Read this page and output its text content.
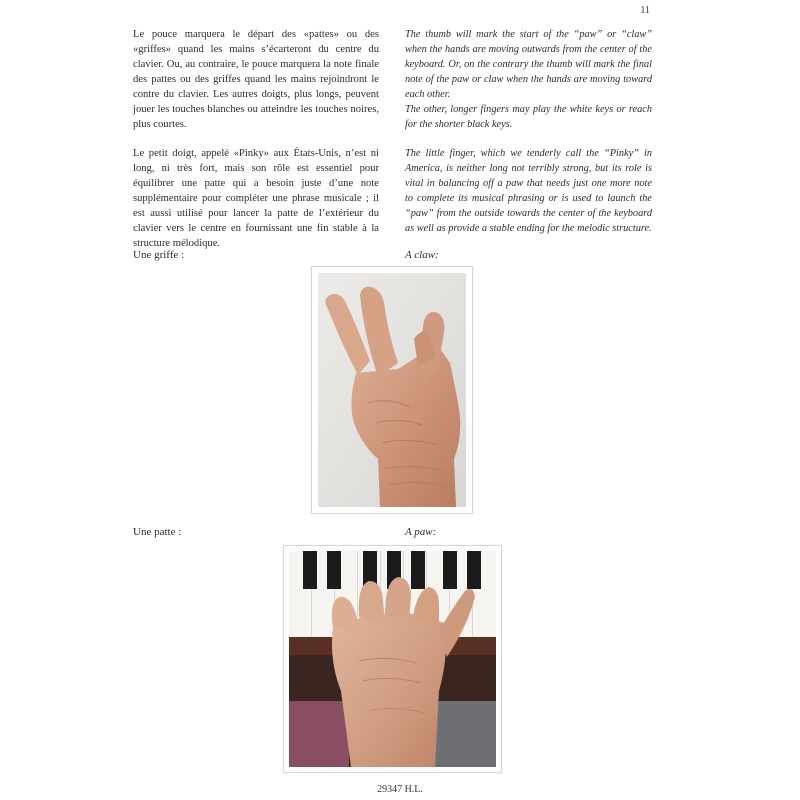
11
Le pouce marquera le départ des «pattes» ou des «griffes» quand les mains s’écarteront du centre du clavier. Ou, au contraire, le pouce marquera la note finale des pattes ou des griffes quand les mains rejoindront le contre du clavier. Les autres doigts, plus longs, peuvent jouer les touches blanches ou atteindre les touches noires, plus courtes.
The thumb will mark the start of the “paw” or “claw” when the hands are moving outwards from the center of the keyboard. Or, on the contrary the thumb will mark the final note of the paw or claw when the hands are moving toward each other.
The other, longer fingers may play the white keys or reach for the shorter black keys.
Le petit doigt, appelé «Pinky» aux États-Unis, n’est ni long, ni très fort, mais son rôle est essentiel pour équilibrer une patte qui a besoin juste d’une note supplémentaire pour compléter une phrase musicale ; il est aussi utilisé pour lancer la patte de l’extérieur du clavier vers le centre en fournissant une fin stable à la structure mélodique.
The little finger, which we tenderly call the “Pinky” in America, is neither long not terribly strong, but its role is vital in balancing off a paw that needs just one more note to complete its musical phrasing or is used to launch the “paw” from the outside towards the center of the keyboard as well as provide a stable ending for the melodic structure.
Une griffe :	A claw:
Une patte :	A paw:
29347 H.L.
